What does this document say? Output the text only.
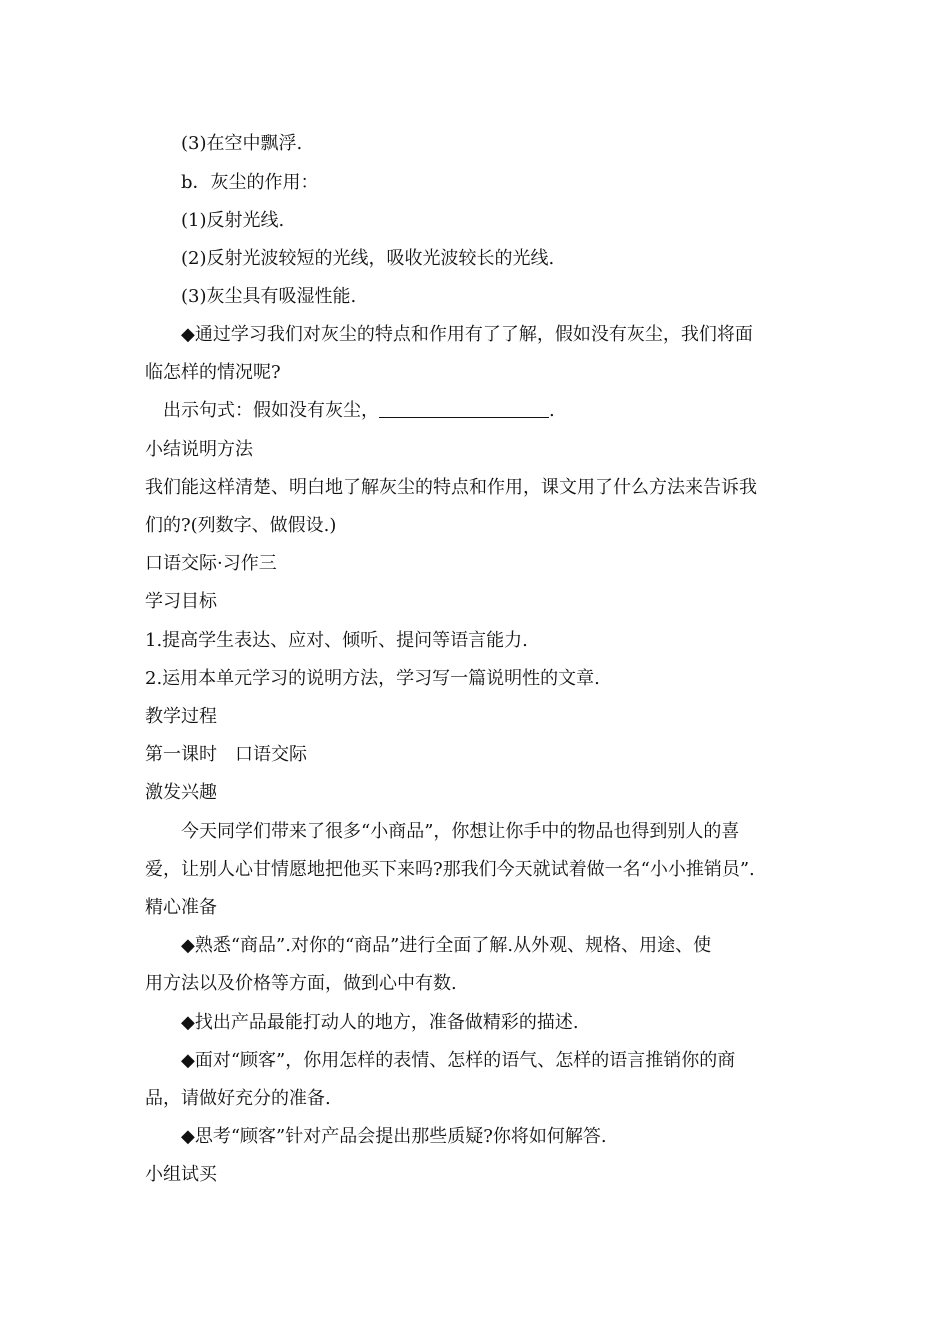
(3)在空中飘浮.
b．灰尘的作用：
(1)反射光线.
(2)反射光波较短的光线，吸收光波较长的光线.
(3)灰尘具有吸湿性能.
◆通过学习我们对灰尘的特点和作用有了了解，假如没有灰尘，我们将面
临怎样的情况呢?
出示句式：假如没有灰尘，	.
小结说明方法
我们能这样清楚、明白地了解灰尘的特点和作用，课文用了什么方法来告诉我
们的?(列数字、做假设.)
口语交际·习作三
学习目标
1.提高学生表达、应对、倾听、提问等语言能力.
2.运用本单元学习的说明方法，学习写一篇说明性的文章.
教学过程
第一课时　口语交际
激发兴趣
今天同学们带来了很多“小商品”，你想让你手中的物品也得到别人的喜
爱，让别人心甘情愿地把他买下来吗?那我们今天就试着做一名“小小推销员”.
精心准备
◆熟悉“商品”.对你的“商品”进行全面了解.从外观、规格、用途、使
用方法以及价格等方面，做到心中有数.
◆找出产品最能打动人的地方，准备做精彩的描述.
◆面对“顾客”，你用怎样的表情、怎样的语气、怎样的语言推销你的商
品，请做好充分的准备.
◆思考“顾客”针对产品会提出那些质疑?你将如何解答.
小组试买
